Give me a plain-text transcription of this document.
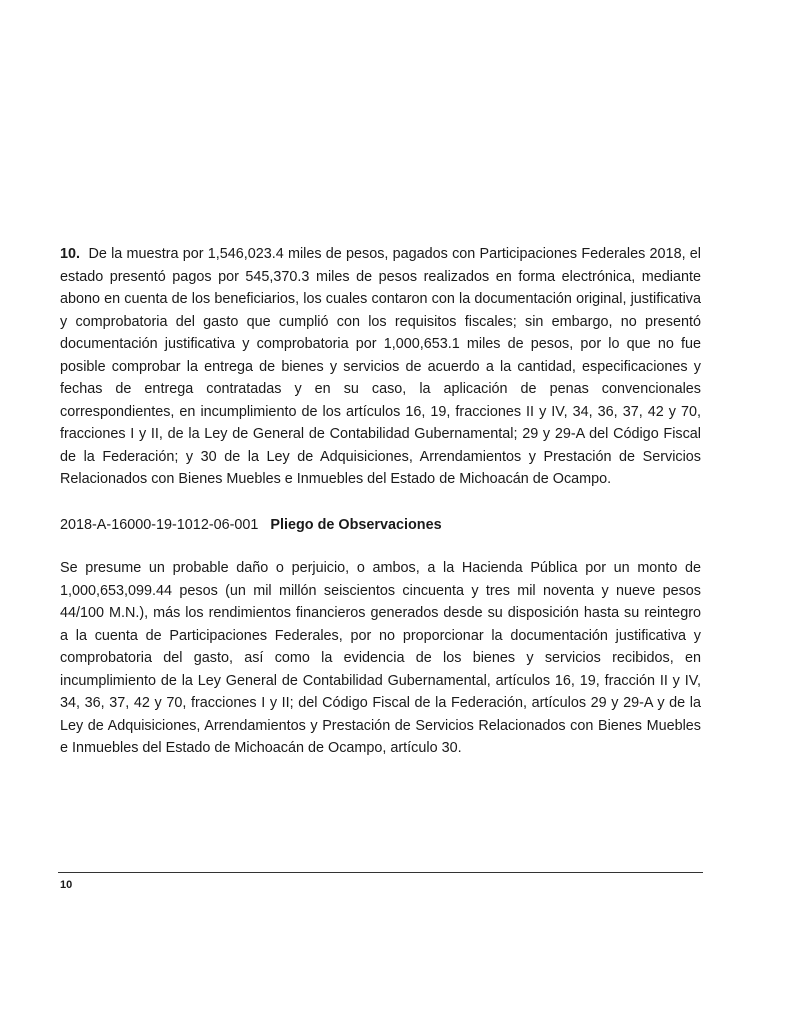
10. De la muestra por 1,546,023.4 miles de pesos, pagados con Participaciones Federales 2018, el estado presentó pagos por 545,370.3 miles de pesos realizados en forma electrónica, mediante abono en cuenta de los beneficiarios, los cuales contaron con la documentación original, justificativa y comprobatoria del gasto que cumplió con los requisitos fiscales; sin embargo, no presentó documentación justificativa y comprobatoria por 1,000,653.1 miles de pesos, por lo que no fue posible comprobar la entrega de bienes y servicios de acuerdo a la cantidad, especificaciones y fechas de entrega contratadas y en su caso, la aplicación de penas convencionales correspondientes, en incumplimiento de los artículos 16, 19, fracciones II y IV, 34, 36, 37, 42 y 70, fracciones I y II, de la Ley de General de Contabilidad Gubernamental; 29 y 29-A del Código Fiscal de la Federación; y 30 de la Ley de Adquisiciones, Arrendamientos y Prestación de Servicios Relacionados con Bienes Muebles e Inmuebles del Estado de Michoacán de Ocampo.

2018-A-16000-19-1012-06-001 Pliego de Observaciones

Se presume un probable daño o perjuicio, o ambos, a la Hacienda Pública por un monto de 1,000,653,099.44 pesos (un mil millón seiscientos cincuenta y tres mil noventa y nueve pesos 44/100 M.N.), más los rendimientos financieros generados desde su disposición hasta su reintegro a la cuenta de Participaciones Federales, por no proporcionar la documentación justificativa y comprobatoria del gasto, así como la evidencia de los bienes y servicios recibidos, en incumplimiento de la Ley General de Contabilidad Gubernamental, artículos 16, 19, fracción II y IV, 34, 36, 37, 42 y 70, fracciones I y II; del Código Fiscal de la Federación, artículos 29 y 29-A y de la Ley de Adquisiciones, Arrendamientos y Prestación de Servicios Relacionados con Bienes Muebles e Inmuebles del Estado de Michoacán de Ocampo, artículo 30.

10
